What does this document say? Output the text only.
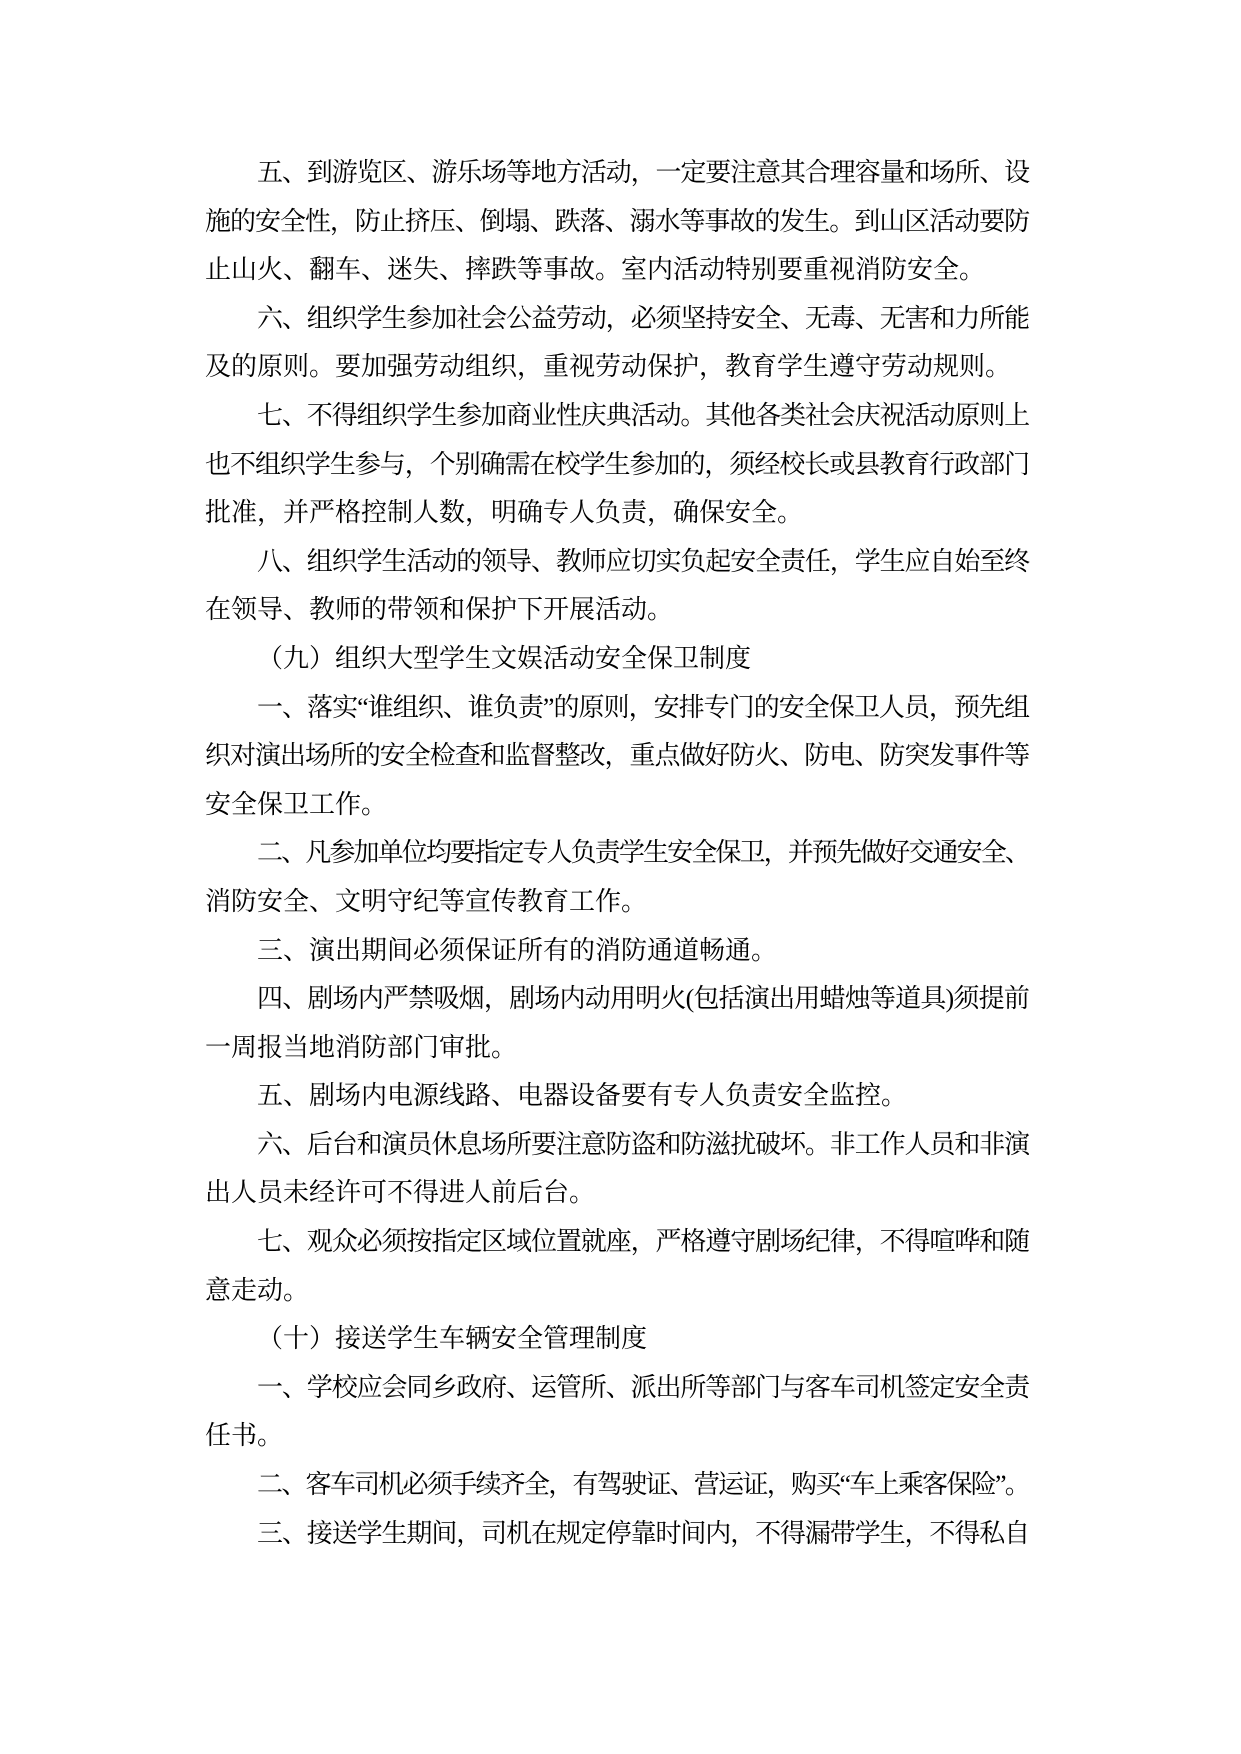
五、到游览区、游乐场等地方活动，一定要注意其合理容量和场所、设
施的安全性，防止挤压、倒塌、跌落、溺水等事故的发生。到山区活动要防
止山火、翻车、迷失、摔跌等事故。室内活动特别要重视消防安全。
六、组织学生参加社会公益劳动，必须坚持安全、无毒、无害和力所能
及的原则。要加强劳动组织，重视劳动保护，教育学生遵守劳动规则。
七、不得组织学生参加商业性庆典活动。其他各类社会庆祝活动原则上
也不组织学生参与，个别确需在校学生参加的，须经校长或县教育行政部门
批准，并严格控制人数，明确专人负责，确保安全。
八、组织学生活动的领导、教师应切实负起安全责任，学生应自始至终
在领导、教师的带领和保护下开展活动。
（九）组织大型学生文娱活动安全保卫制度
一、落实“谁组织、谁负责”的原则，安排专门的安全保卫人员，预先组
织对演出场所的安全检查和监督整改，重点做好防火、防电、防突发事件等
安全保卫工作。
二、凡参加单位均要指定专人负责学生安全保卫，并预先做好交通安全、
消防安全、文明守纪等宣传教育工作。
三、演出期间必须保证所有的消防通道畅通。
四、剧场内严禁吸烟，剧场内动用明火(包括演出用蜡烛等道具)须提前
一周报当地消防部门审批。
五、剧场内电源线路、电器设备要有专人负责安全监控。
六、后台和演员休息场所要注意防盗和防滋扰破坏。非工作人员和非演
出人员未经许可不得进人前后台。
七、观众必须按指定区域位置就座，严格遵守剧场纪律，不得喧哗和随
意走动。
（十）接送学生车辆安全管理制度
一、学校应会同乡政府、运管所、派出所等部门与客车司机签定安全责
任书。
二、客车司机必须手续齐全，有驾驶证、营运证，购买“车上乘客保险”。
三、接送学生期间，司机在规定停靠时间内，不得漏带学生，不得私自
